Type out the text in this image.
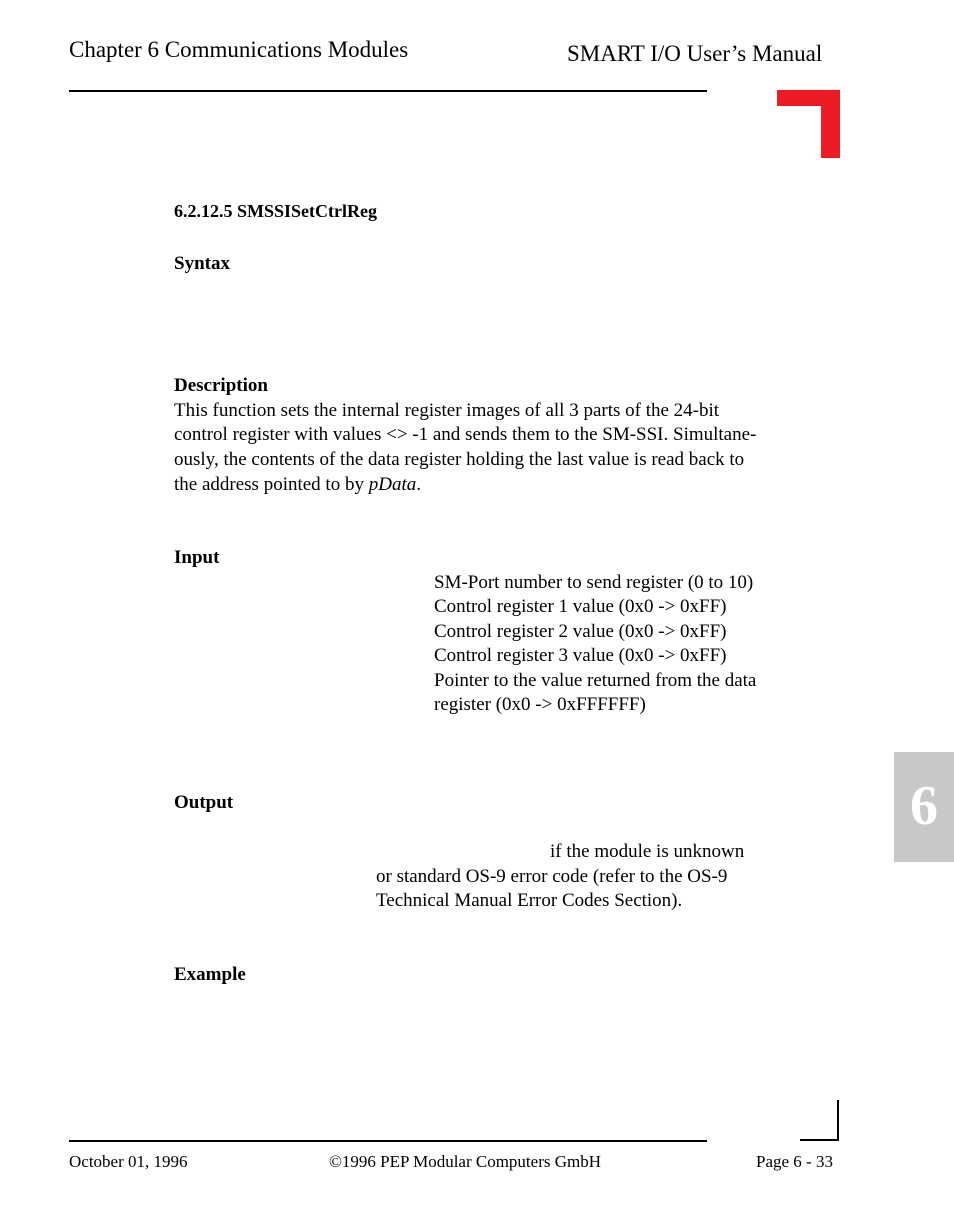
Chapter 6 Communications Modules	SMART I/O User’s Manual
6.2.12.5 SMSSISetCtrlReg
Syntax
Description
This function sets the internal register images of all 3 parts of the 24-bit
control register with values <> -1 and sends them to the SM-SSI. Simultane-
ously, the contents of the data register holding the last value is read back to
the address pointed to by pData.
Input
SM-Port number to send register (0 to 10)
Control register 1 value (0x0 -> 0xFF)
Control register 2 value (0x0 -> 0xFF)
Control register 3 value (0x0 -> 0xFF)
Pointer to the value returned from the data
register (0x0 -> 0xFFFFFF)
Output
if the module is unknown
or standard OS-9 error code (refer to the OS-9
Technical Manual Error Codes Section).
Example
6
October 01, 1996	©1996 PEP Modular Computers GmbH	Page 6 - 33
